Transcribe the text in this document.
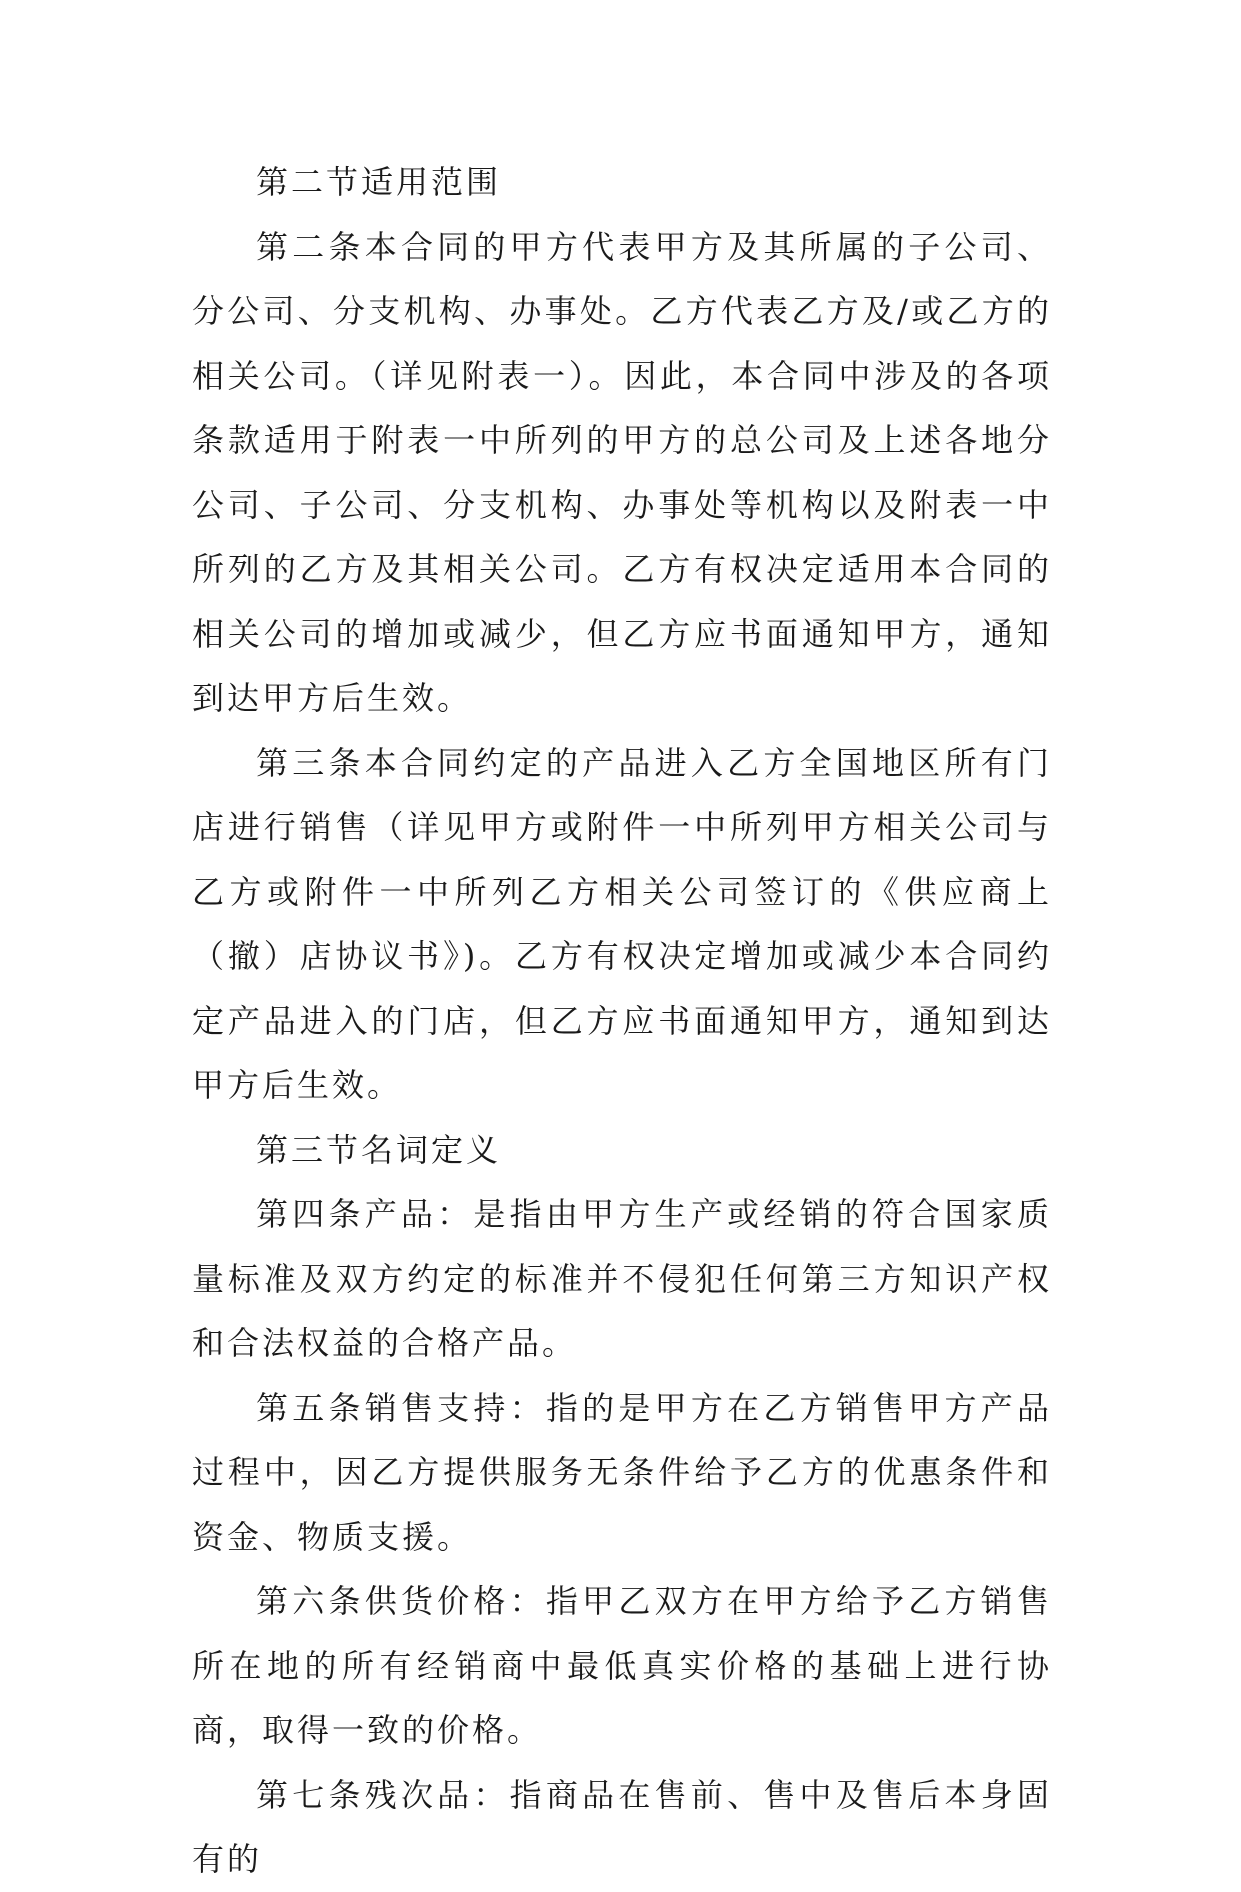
第二节适用范围

第二条本合同的甲方代表甲方及其所属的子公司、分公司、分支机构、办事处。乙方代表乙方及/或乙方的相关公司。（详见附表一）。因此，本合同中涉及的各项条款适用于附表一中所列的甲方的总公司及上述各地分公司、子公司、分支机构、办事处等机构以及附表一中所列的乙方及其相关公司。乙方有权决定适用本合同的相关公司的增加或减少，但乙方应书面通知甲方，通知到达甲方后生效。

第三条本合同约定的产品进入乙方全国地区所有门店进行销售（详见甲方或附件一中所列甲方相关公司与乙方或附件一中所列乙方相关公司签订的《供应商上（撤）店协议书》)。乙方有权决定增加或减少本合同约定产品进入的门店，但乙方应书面通知甲方，通知到达甲方后生效。

第三节名词定义

第四条产品：是指由甲方生产或经销的符合国家质量标准及双方约定的标准并不侵犯任何第三方知识产权和合法权益的合格产品。

第五条销售支持：指的是甲方在乙方销售甲方产品过程中，因乙方提供服务无条件给予乙方的优惠条件和资金、物质支援。

第六条供货价格：指甲乙双方在甲方给予乙方销售所在地的所有经销商中最低真实价格的基础上进行协商，取得一致的价格。

第七条残次品：指商品在售前、售中及售后本身固有的
